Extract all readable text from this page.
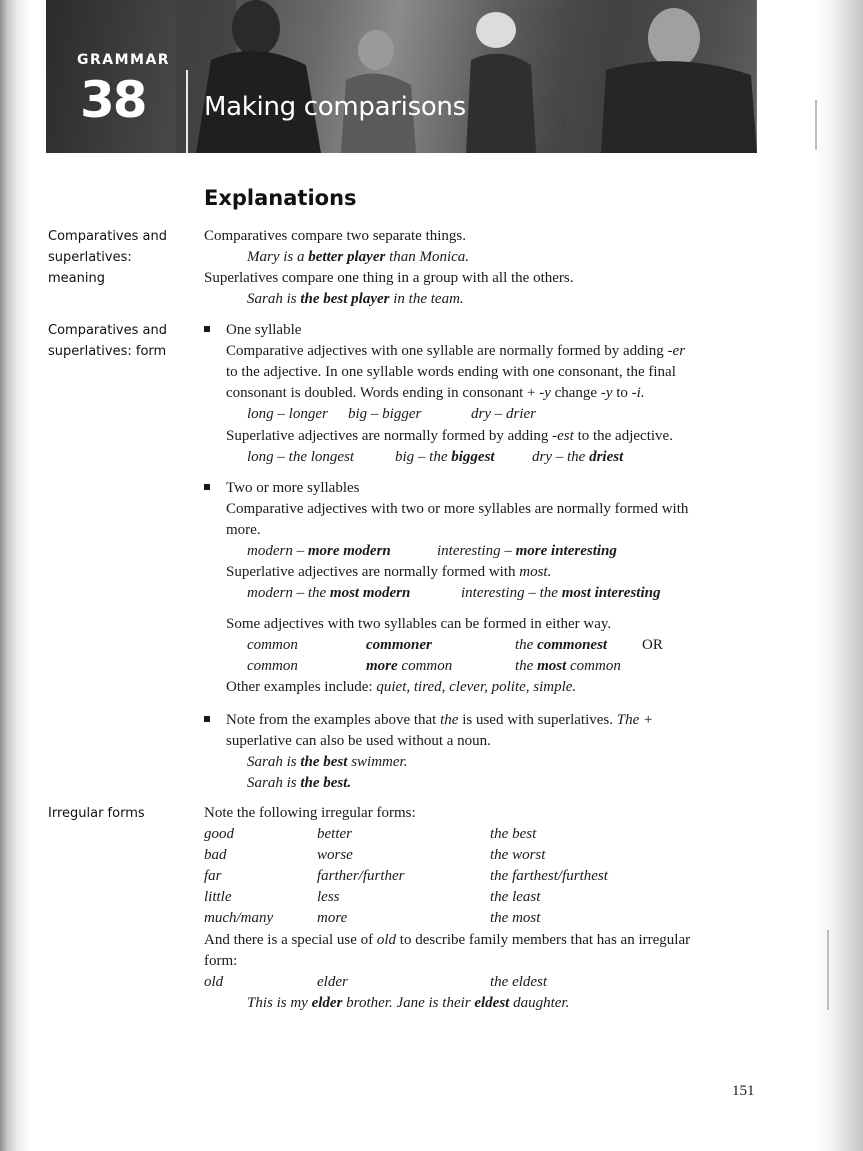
GRAMMAR
38 Making comparisons
Explanations
Comparatives and
superlatives:
meaning
Comparatives and
superlatives: form
Irregular forms
Comparatives compare two separate things.
Mary is a better player than Monica.
Superlatives compare one thing in a group with all the others.
Sarah is the best player in the team.
One syllable
Comparative adjectives with one syllable are normally formed by adding -er
to the adjective. In one syllable words ending with one consonant, the final
consonant is doubled. Words ending in consonant + -y change -y to -i.
long – longer big – bigger	dry – drier
Superlative adjectives are normally formed by adding -est to the adjective.
long – the longest	big – the biggest dry – the driest
Two or more syllables
Comparative adjectives with two or more syllables are normally formed with
more.
modern – more modern	interesting – more interesting
Superlative adjectives are normally formed with most.
modern – the most modern	interesting – the most interesting
Some adjectives with two syllables can be formed in either way.
common	commoner	the commonest OR
common	more common	the most common
Other examples include: quiet, tired, clever, polite, simple.
Note from the examples above that the is used with superlatives. The +
superlative can also be used without a noun.
Sarah is the best swimmer.
Sarah is the best.
Note the following irregular forms:
good	better	the best
bad	worse	the worst
far	farther/further	the farthest/furthest
little	less	the least
much/many	more	the most
And there is a special use of old to describe family members that has an irregular
form:
old	elder	the eldest
This is my elder brother. Jane is their eldest daughter.
151
